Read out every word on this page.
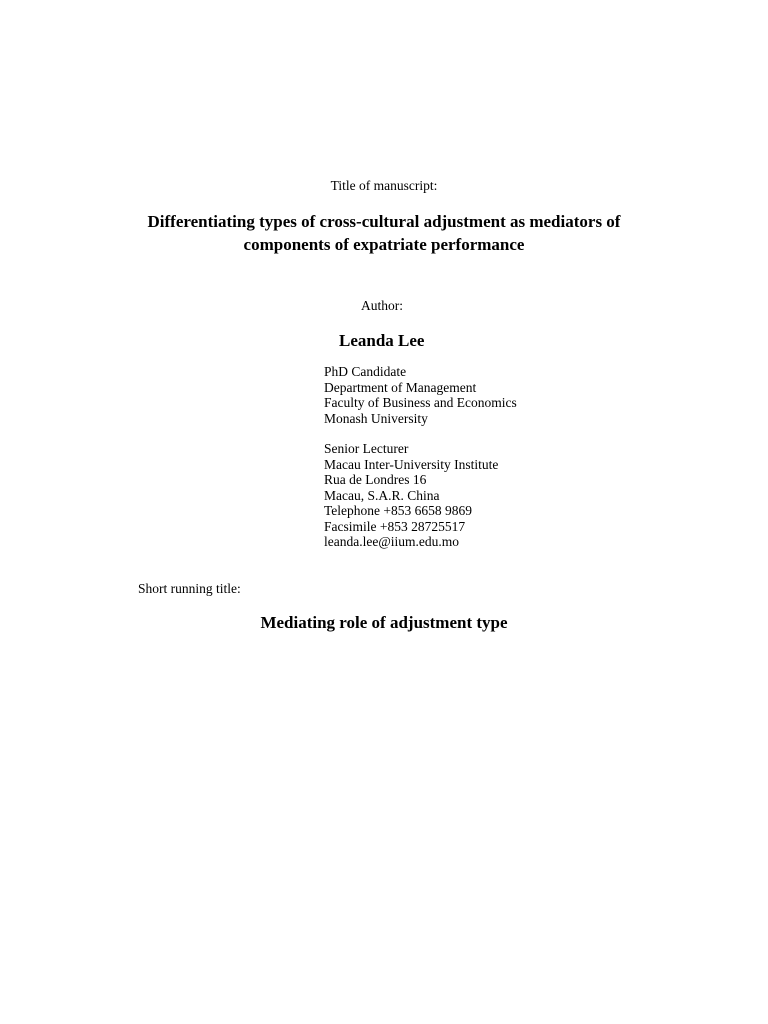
Title of manuscript:

Differentiating types of cross-cultural adjustment as mediators of
components of expatriate performance

Author:

Leanda Lee
PhD Candidate
Department of Management
Faculty of Business and Economics
Monash University
Senior Lecturer
Macau Inter-University Institute
Rua de Londres 16
Macau, S.A.R. China
Telephone +853 6658 9869
Facsimile +853 28725517
leanda.lee@iium.edu.mo

Short running title:

Mediating role of adjustment type
